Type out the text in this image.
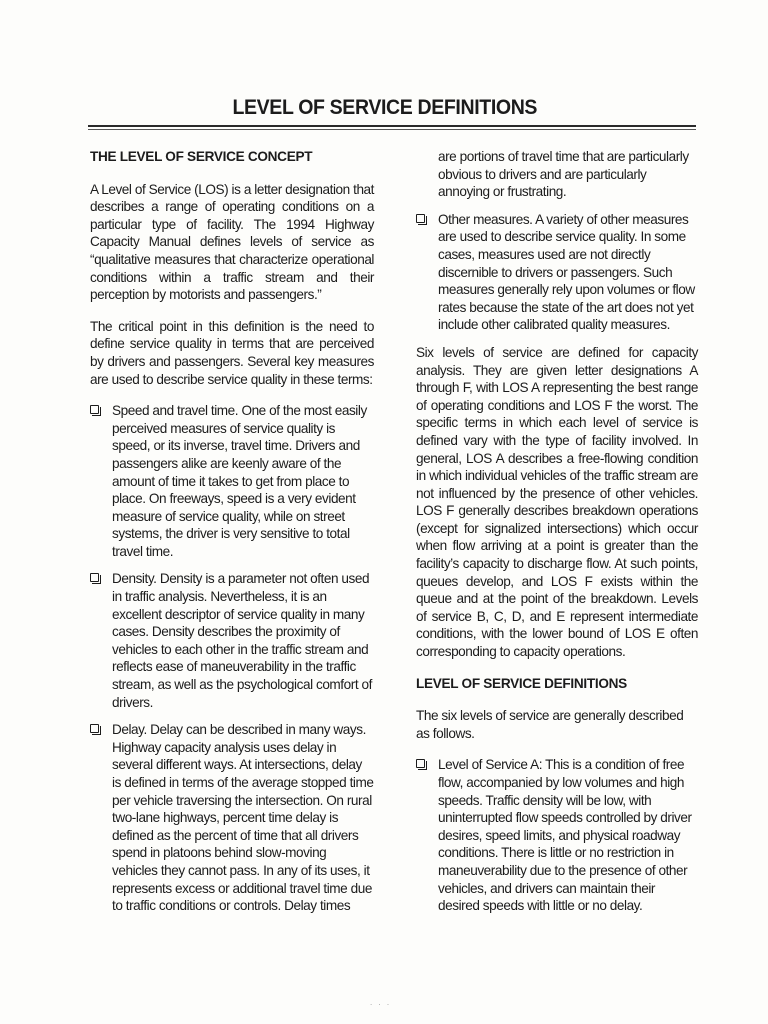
LEVEL OF SERVICE DEFINITIONS
THE LEVEL OF SERVICE CONCEPT

A Level of Service (LOS) is a letter designation that describes a range of operating conditions on a particular type of facility. The 1994 Highway Capacity Manual defines levels of service as “qualitative measures that characterize operational conditions within a traffic stream and their perception by motorists and passengers.”

The critical point in this definition is the need to define service quality in terms that are perceived by drivers and passengers. Several key measures are used to describe service quality in these terms:

Speed and travel time. One of the most easily perceived measures of service quality is speed, or its inverse, travel time. Drivers and passengers alike are keenly aware of the amount of time it takes to get from place to place. On freeways, speed is a very evident measure of service quality, while on street systems, the driver is very sensitive to total travel time.
Density. Density is a parameter not often used in traffic analysis. Nevertheless, it is an excellent descriptor of service quality in many cases. Density describes the proximity of vehicles to each other in the traffic stream and reflects ease of maneuverability in the traffic stream, as well as the psychological comfort of drivers.
Delay. Delay can be described in many ways. Highway capacity analysis uses delay in several different ways. At intersections, delay is defined in terms of the average stopped time per vehicle traversing the intersection. On rural two-lane highways, percent time delay is defined as the percent of time that all drivers spend in platoons behind slow-moving vehicles they cannot pass. In any of its uses, it represents excess or additional travel time due to traffic conditions or controls. Delay times
are portions of travel time that are particularly obvious to drivers and are particularly annoying or frustrating.
Other measures. A variety of other measures are used to describe service quality. In some cases, measures used are not directly discernible to drivers or passengers. Such measures generally rely upon volumes or flow rates because the state of the art does not yet include other calibrated quality measures.

Six levels of service are defined for capacity analysis. They are given letter designations A through F, with LOS A representing the best range of operating conditions and LOS F the worst. The specific terms in which each level of service is defined vary with the type of facility involved. In general, LOS A describes a free-flowing condition in which individual vehicles of the traffic stream are not influenced by the presence of other vehicles. LOS F generally describes breakdown operations (except for signalized intersections) which occur when flow arriving at a point is greater than the facility’s capacity to discharge flow. At such points, queues develop, and LOS F exists within the queue and at the point of the breakdown. Levels of service B, C, D, and E represent intermediate conditions, with the lower bound of LOS E often corresponding to capacity operations.

LEVEL OF SERVICE DEFINITIONS

The six levels of service are generally described as follows.

Level of Service A: This is a condition of free flow, accompanied by low volumes and high speeds. Traffic density will be low, with uninterrupted flow speeds controlled by driver desires, speed limits, and physical roadway conditions. There is little or no restriction in maneuverability due to the presence of other vehicles, and drivers can maintain their desired speeds with little or no delay.
. . .
